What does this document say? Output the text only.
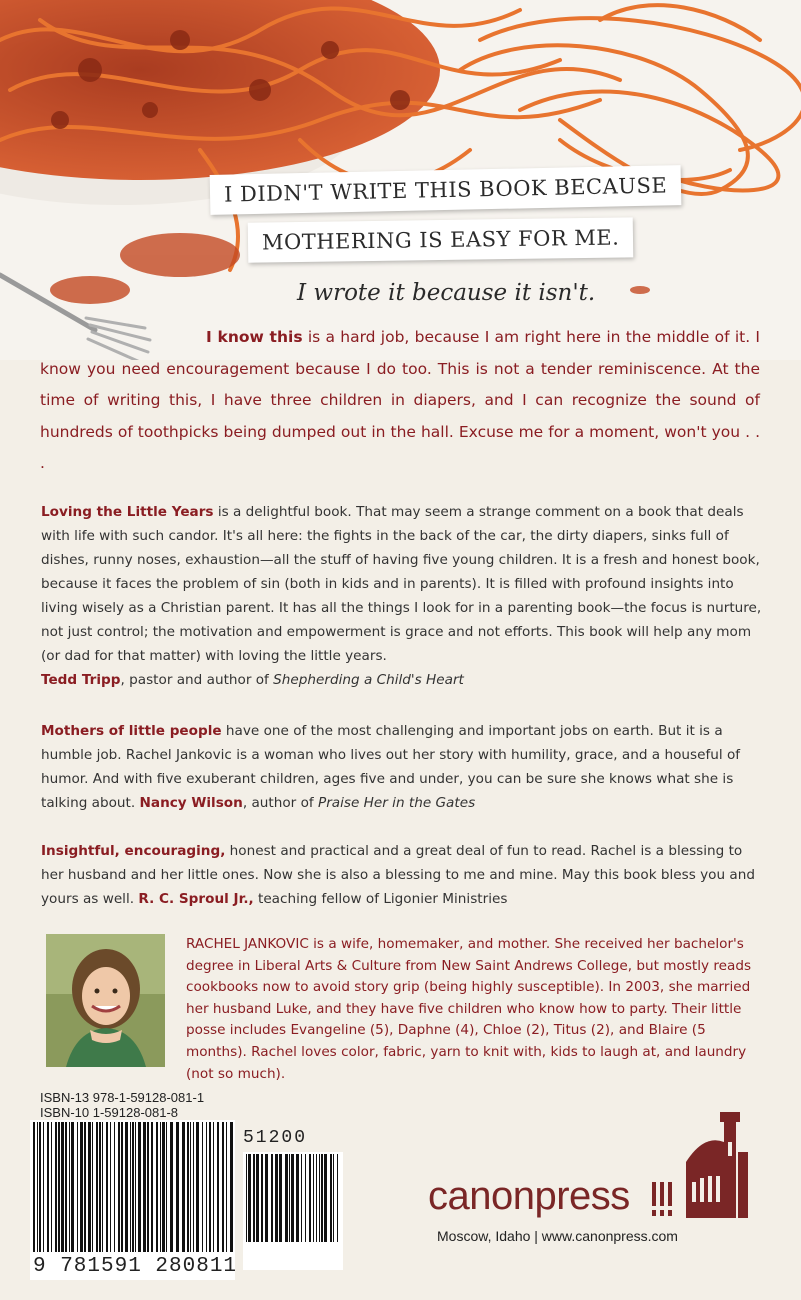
I DIDN'T WRITE THIS BOOK BECAUSE
MOTHERING IS EASY FOR ME.
I wrote it because it isn't.
I know this is a hard job, because I am right here in the middle of it. I know you need encouragement because I do too. This is not a tender reminiscence. At the time of writing this, I have three children in diapers, and I can recognize the sound of hundreds of toothpicks being dumped out in the hall. Excuse me for a moment, won't you . . .
Loving the Little Years is a delightful book. That may seem a strange comment on a book that deals with life with such candor. It's all here: the fights in the back of the car, the dirty diapers, sinks full of dishes, runny noses, exhaustion—all the stuff of having five young children. It is a fresh and honest book, because it faces the problem of sin (both in kids and in parents). It is filled with profound insights into living wisely as a Christian parent. It has all the things I look for in a parenting book—the focus is nurture, not just control; the motivation and empowerment is grace and not efforts. This book will help any mom (or dad for that matter) with loving the little years.
Tedd Tripp, pastor and author of Shepherding a Child's Heart
Mothers of little people have one of the most challenging and important jobs on earth. But it is a humble job. Rachel Jankovic is a woman who lives out her story with humility, grace, and a houseful of humor. And with five exuberant children, ages five and under, you can be sure she knows what she is talking about. Nancy Wilson, author of Praise Her in the Gates
Insightful, encouraging, honest and practical and a great deal of fun to read. Rachel is a blessing to her husband and her little ones. Now she is also a blessing to me and mine. May this book bless you and yours as well. R. C. Sproul Jr., teaching fellow of Ligonier Ministries
RACHEL JANKOVIC is a wife, homemaker, and mother. She received her bachelor's degree in Liberal Arts & Culture from New Saint Andrews College, but mostly reads cookbooks now to avoid story grip (being highly susceptible). In 2003, she married her husband Luke, and they have five children who know how to party. Their little posse includes Evangeline (5), Daphne (4), Chloe (2), Titus (2), and Blaire (5 months). Rachel loves color, fabric, yarn to knit with, kids to laugh at, and laundry (not so much).
ISBN-13 978-1-59128-081-1
ISBN-10 1-59128-081-8
51200
9 781591 280811
canonpress
Moscow, Idaho | www.canonpress.com
